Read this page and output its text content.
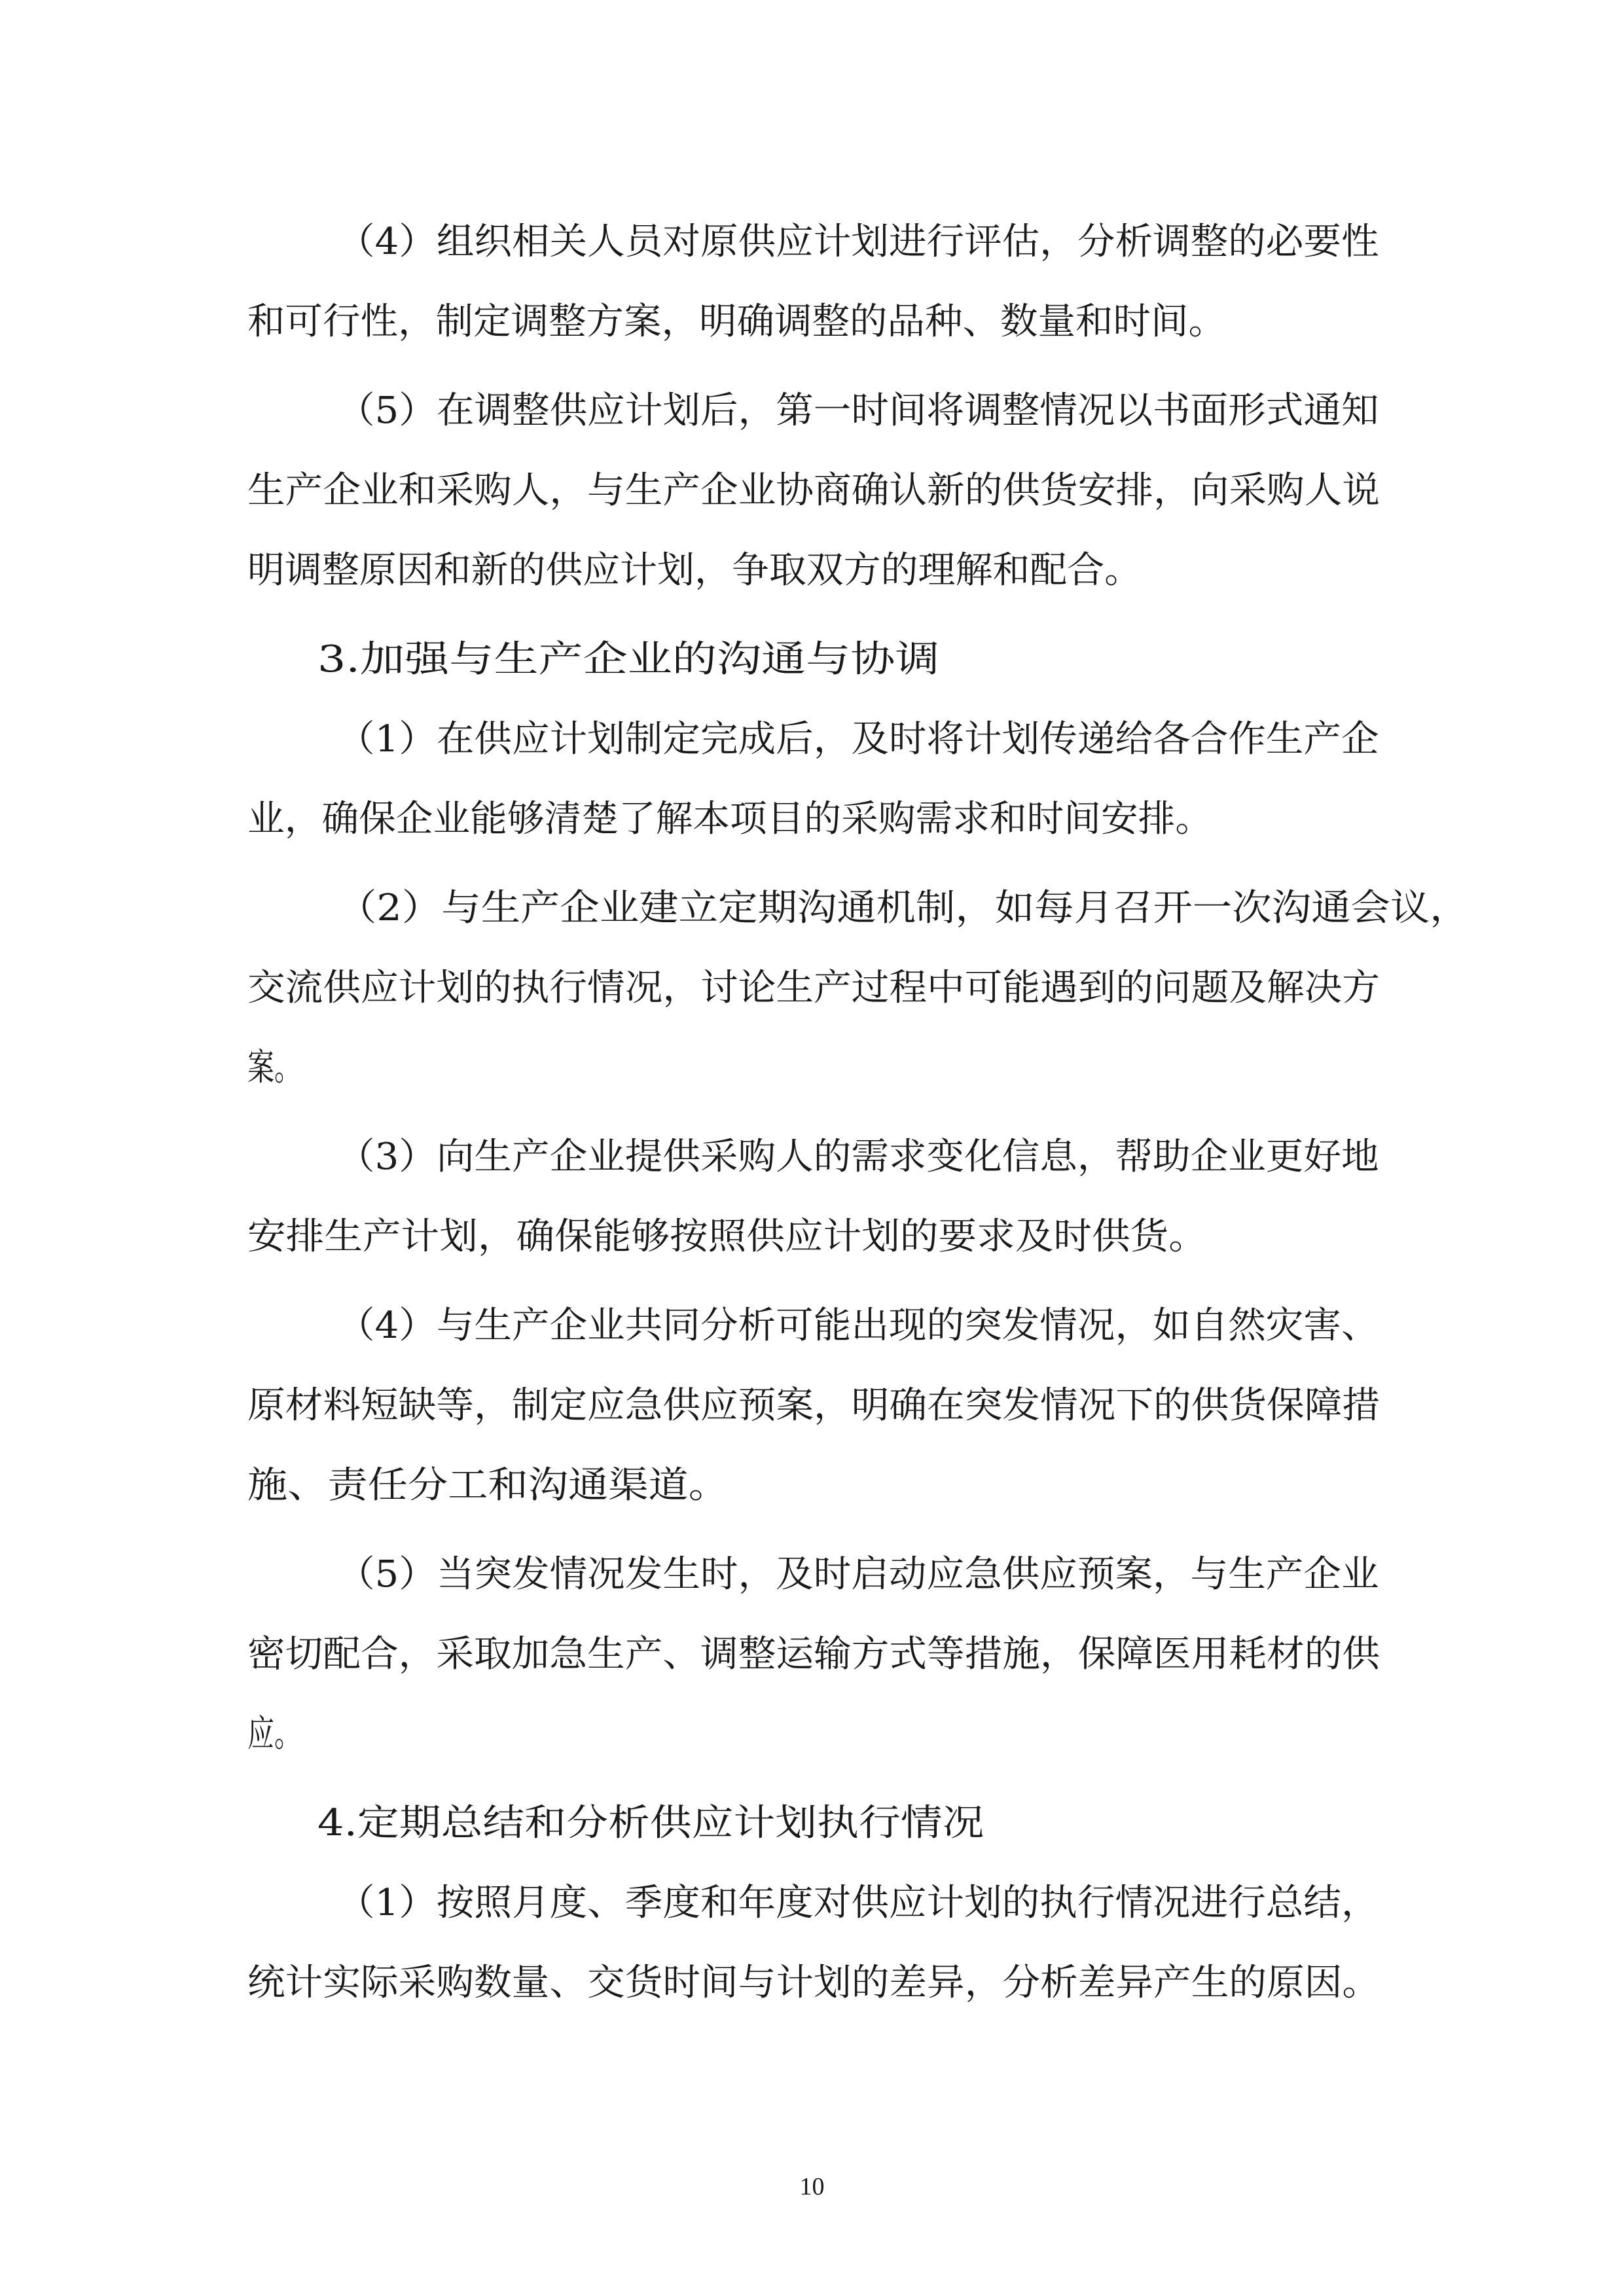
（4）组织相关人员对原供应计划进行评估，分析调整的必要性
和可行性，制定调整方案，明确调整的品种、数量和时间。
（5）在调整供应计划后，第一时间将调整情况以书面形式通知
生产企业和采购人，与生产企业协商确认新的供货安排，向采购人说
明调整原因和新的供应计划，争取双方的理解和配合。
3.加强与生产企业的沟通与协调
（1）在供应计划制定完成后，及时将计划传递给各合作生产企
业，确保企业能够清楚了解本项目的采购需求和时间安排。
（2）与生产企业建立定期沟通机制，如每月召开一次沟通会议，
交流供应计划的执行情况，讨论生产过程中可能遇到的问题及解决方
案。
（3）向生产企业提供采购人的需求变化信息，帮助企业更好地
安排生产计划，确保能够按照供应计划的要求及时供货。
（4）与生产企业共同分析可能出现的突发情况，如自然灾害、
原材料短缺等，制定应急供应预案，明确在突发情况下的供货保障措
施、责任分工和沟通渠道。
（5）当突发情况发生时，及时启动应急供应预案，与生产企业
密切配合，采取加急生产、调整运输方式等措施，保障医用耗材的供
应。
4.定期总结和分析供应计划执行情况
（1）按照月度、季度和年度对供应计划的执行情况进行总结，
统计实际采购数量、交货时间与计划的差异，分析差异产生的原因。
10
